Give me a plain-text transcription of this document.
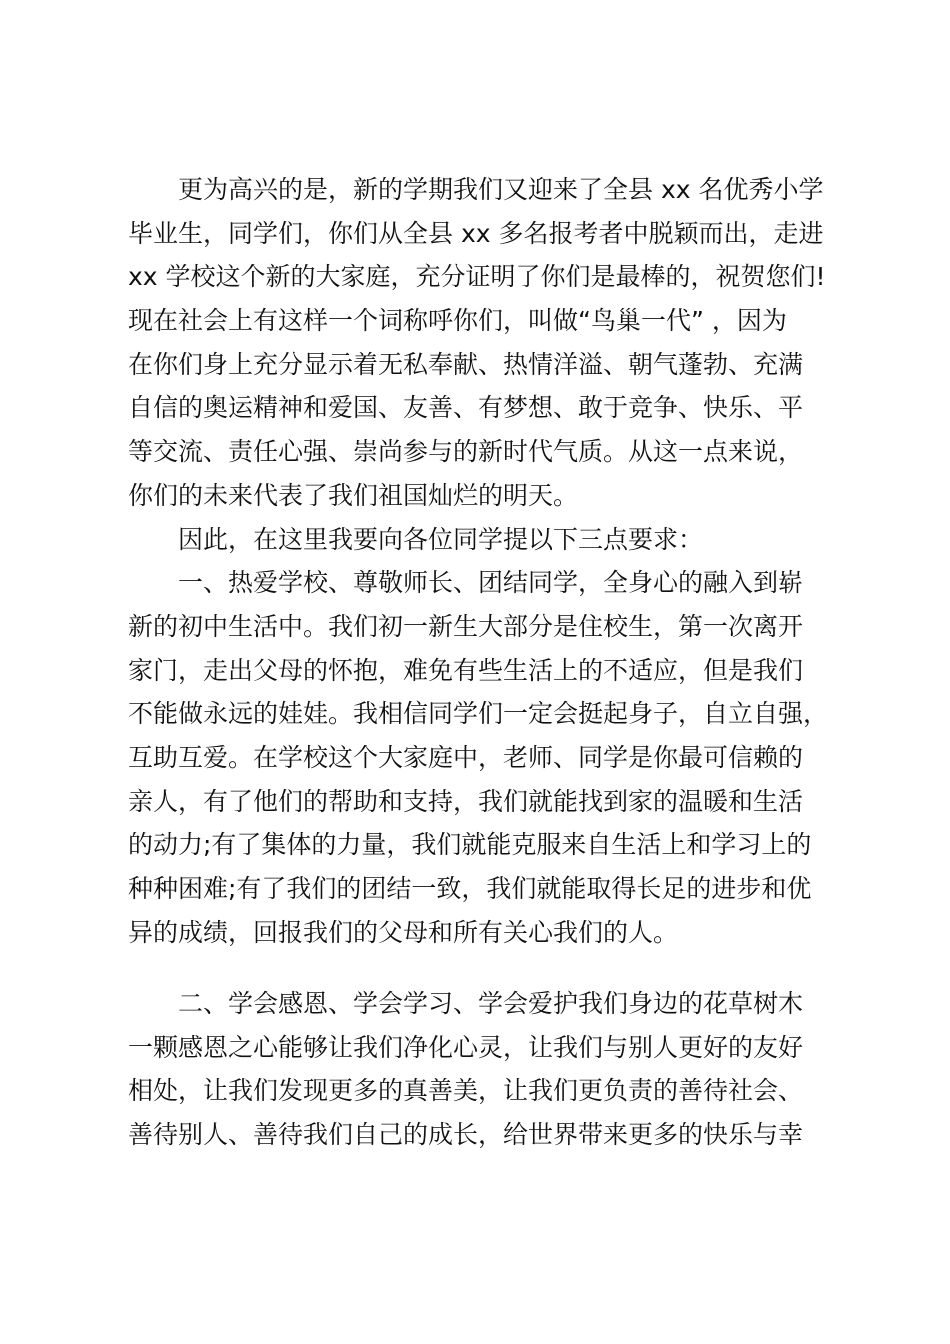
更为高兴的是，新的学期我们又迎来了全县 xx 名优秀小学
毕业生，同学们，你们从全县 xx 多名报考者中脱颖而出，走进
xx 学校这个新的大家庭，充分证明了你们是最棒的，祝贺您们!
现在社会上有这样一个词称呼你们，叫做“鸟巢一代” ，因为
在你们身上充分显示着无私奉献、热情洋溢、朝气蓬勃、充满
自信的奥运精神和爱国、友善、有梦想、敢于竞争、快乐、平
等交流、责任心强、崇尚参与的新时代气质。从这一点来说，
你们的未来代表了我们祖国灿烂的明天。
因此，在这里我要向各位同学提以下三点要求：
一、热爱学校、尊敬师长、团结同学，全身心的融入到崭
新的初中生活中。我们初一新生大部分是住校生，第一次离开
家门，走出父母的怀抱，难免有些生活上的不适应，但是我们
不能做永远的娃娃。我相信同学们一定会挺起身子，自立自强，
互助互爱。在学校这个大家庭中，老师、同学是你最可信赖的
亲人，有了他们的帮助和支持，我们就能找到家的温暖和生活
的动力;有了集体的力量，我们就能克服来自生活上和学习上的
种种困难;有了我们的团结一致，我们就能取得长足的进步和优
异的成绩，回报我们的父母和所有关心我们的人。
二、学会感恩、学会学习、学会爱护我们身边的花草树木
一颗感恩之心能够让我们净化心灵，让我们与别人更好的友好
相处，让我们发现更多的真善美，让我们更负责的善待社会、
善待别人、善待我们自己的成长，给世界带来更多的快乐与幸
